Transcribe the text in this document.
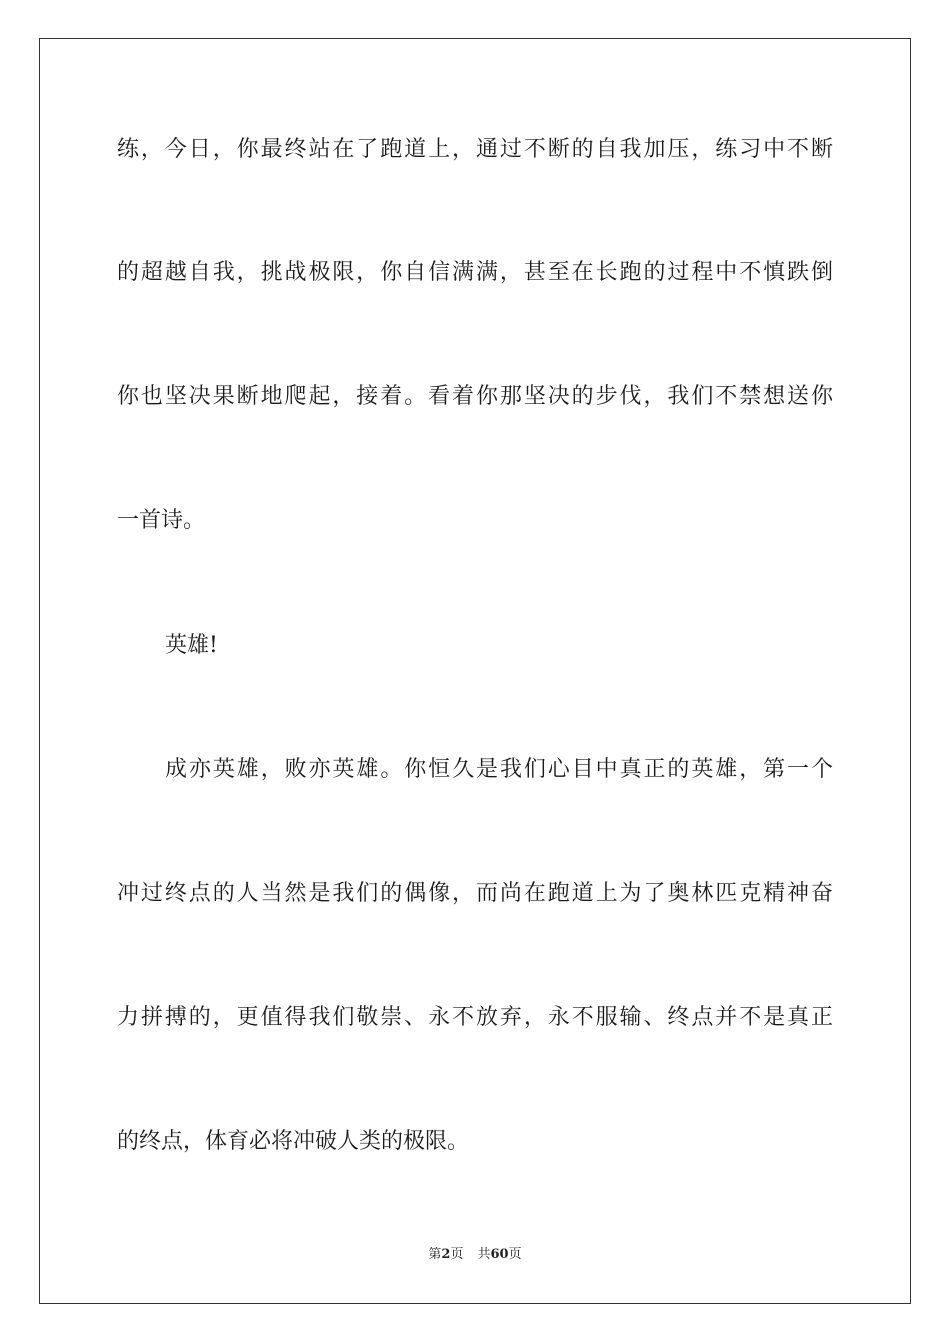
练，今日，你最终站在了跑道上，通过不断的自我加压，练习中不断
的超越自我，挑战极限，你自信满满，甚至在长跑的过程中不慎跌倒
你也坚决果断地爬起，接着。看着你那坚决的步伐，我们不禁想送你
一首诗。
英雄!
成亦英雄，败亦英雄。你恒久是我们心目中真正的英雄，第一个
冲过终点的人当然是我们的偶像，而尚在跑道上为了奥林匹克精神奋
力拼搏的，更值得我们敬崇、永不放弃，永不服输、终点并不是真正
的终点，体育必将冲破人类的极限。
第2页 共60页
